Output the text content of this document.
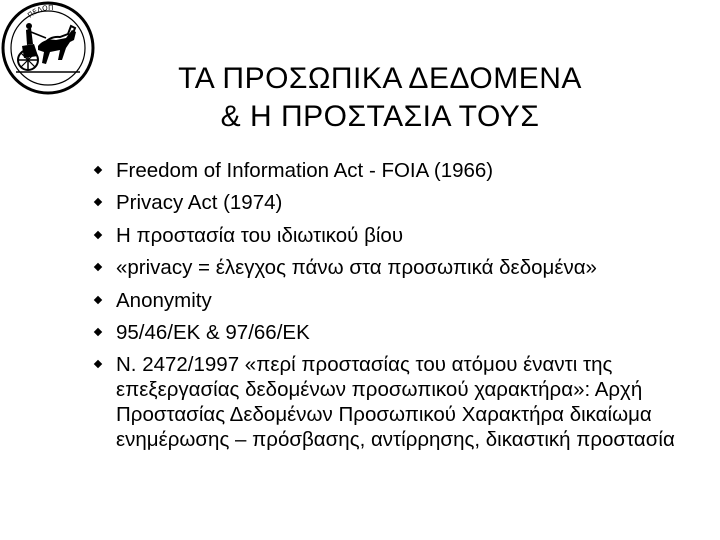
ΠΕΛΟΠ
ΤΑ ΠΡΟΣΩΠΙΚΑ ΔΕΔΟΜΕΝΑ
& Η ΠΡΟΣΤΑΣΙΑ ΤΟΥΣ
Freedom of Information Act - FOIA (1966)
Privacy Act (1974)
Η προστασία του ιδιωτικού βίου
«privacy = έλεγχος πάνω στα προσωπικά δεδομένα»
Anonymity
95/46/ΕΚ & 97/66/ΕΚ
Ν. 2472/1997 «περί προστασίας του ατόμου έναντι της επεξεργασίας δεδομένων προσωπικού χαρακτήρα»: Αρχή Προστασίας Δεδομένων Προσωπικού Χαρακτήρα δικαίωμα ενημέρωσης – πρόσβασης, αντίρρησης, δικαστική προστασία
